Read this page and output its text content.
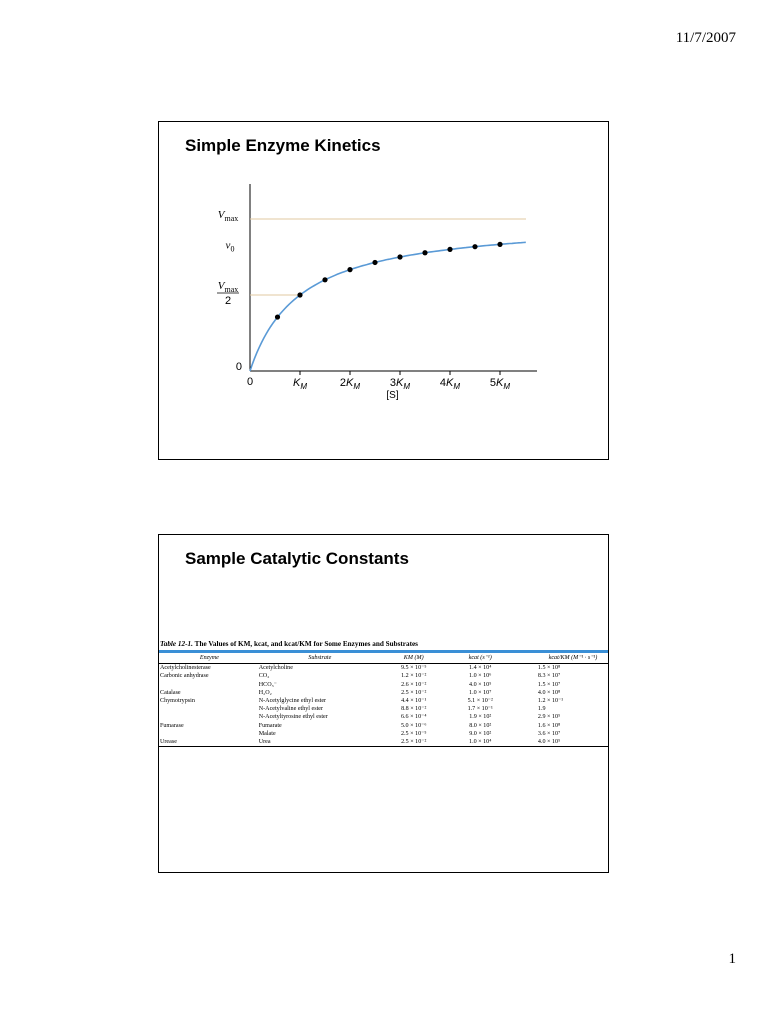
11/7/2007
Simple Enzyme Kinetics
0	$K_M$	$2K_M$	$3K_M$	$4K_M$	$5K_M$
[S]
0
$V_{max}$
$v_0$
$V_{max}$
2
Sample Catalytic Constants
Table 12-1. The Values of KM, kcat, and kcat/KM for Some Enzymes and Substrates
Enzyme	Substrate	KM (M)	kcat (s⁻¹)	kcat/KM (M⁻¹ · s⁻¹)
Acetylcholinesterase	Acetylcholine	9.5 × 10⁻⁵	1.4 × 10⁴	1.5 × 10⁸
Carbonic anhydrase	CO₂	1.2 × 10⁻²	1.0 × 10⁶	8.3 × 10⁷
	HCO₃⁻	2.6 × 10⁻²	4.0 × 10⁵	1.5 × 10⁷
Catalase	H₂O₂	2.5 × 10⁻²	1.0 × 10⁷	4.0 × 10⁸
Chymotrypsin	N-Acetylglycine ethyl ester	4.4 × 10⁻¹	5.1 × 10⁻²	1.2 × 10⁻¹
	N-Acetylvaline ethyl ester	8.8 × 10⁻²	1.7 × 10⁻¹	1.9
	N-Acetyltyrosine ethyl ester	6.6 × 10⁻⁴	1.9 × 10²	2.9 × 10⁵
Fumarase	Fumarate	5.0 × 10⁻⁶	8.0 × 10²	1.6 × 10⁸
	Malate	2.5 × 10⁻⁵	9.0 × 10²	3.6 × 10⁷
Urease	Urea	2.5 × 10⁻²	1.0 × 10⁴	4.0 × 10⁵
1
